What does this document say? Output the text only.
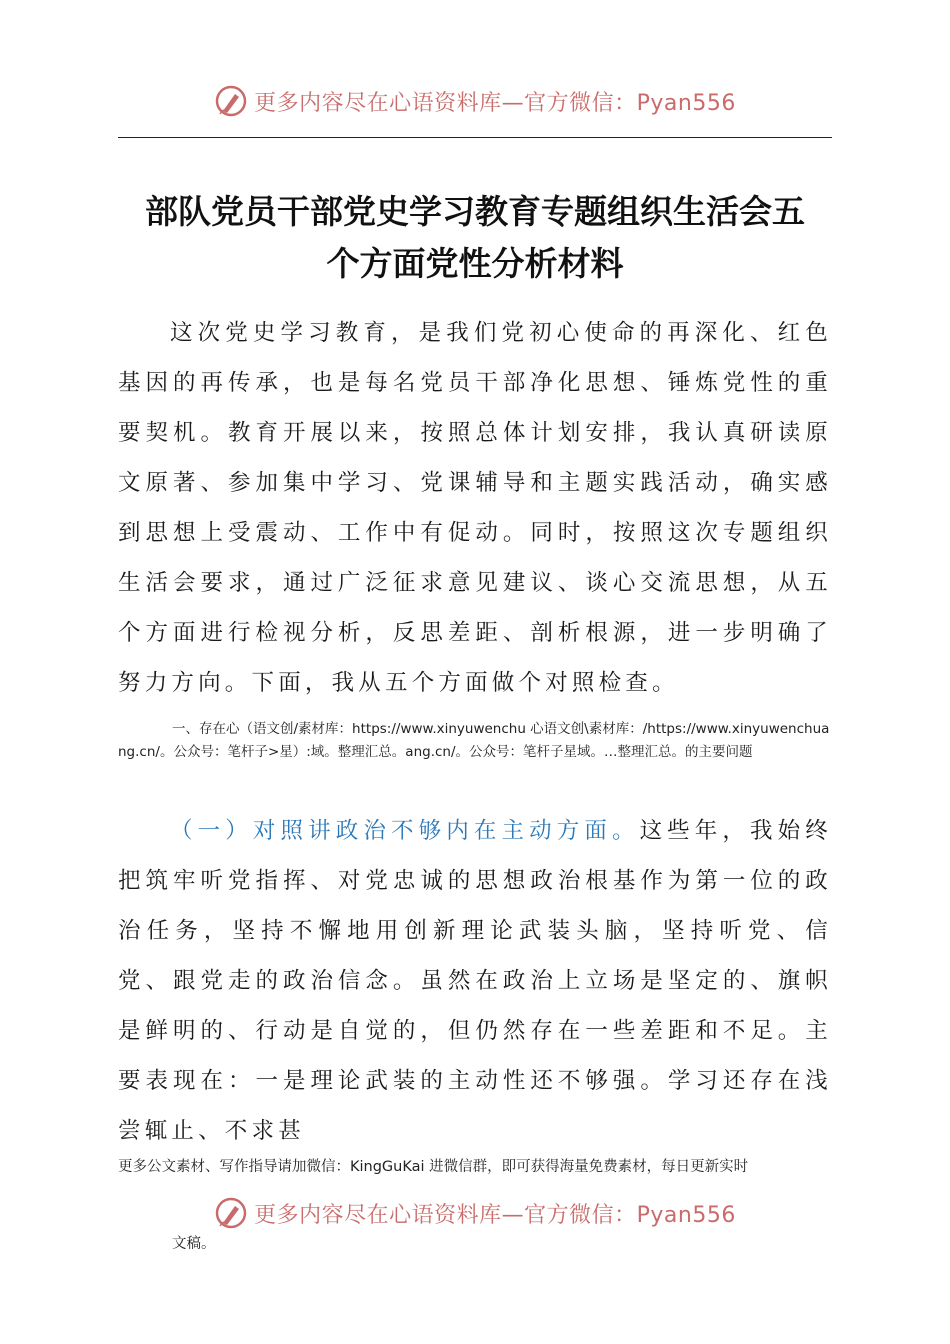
更多内容尽在心语资料库—官方微信：Pyan556
部队党员干部党史学习教育专题组织生活会五
个方面党性分析材料

这次党史学习教育，是我们党初心使命的再深化、红色基因的再传承，也是每名党员干部净化思想、锤炼党性的重要契机。教育开展以来，按照总体计划安排，我认真研读原文原著、参加集中学习、党课辅导和主题实践活动，确实感到思想上受震动、工作中有促动。同时，按照这次专题组织生活会要求，通过广泛征求意见建议、谈心交流思想，从五个方面进行检视分析，反思差距、剖析根源，进一步明确了努力方向。下面，我从五个方面做个对照检查。

一、存在心（语文创/素材库：https://www.xinyuwenchu 心语文创\素材库：/https://www.xinyuwenchuang.cn/。公众号：笔杆子>星）:域。整理汇总。ang.cn/。公众号：笔杆子星域。…整理汇总。的主要问题

（一）对照讲政治不够内在主动方面。这些年，我始终把筑牢听党指挥、对党忠诚的思想政治根基作为第一位的政治任务，坚持不懈地用创新理论武装头脑，坚持听党、信党、跟党走的政治信念。虽然在政治上立场是坚定的、旗帜是鲜明的、行动是自觉的，但仍然存在一些差距和不足。主要表现在：一是理论武装的主动性还不够强。学习还存在浅尝辄止、不求甚

更多公文素材、写作指导请加微信：KingGuKai 进微信群，即可获得海量免费素材，每日更新实时

更多内容尽在心语资料库—官方微信：Pyan556

文稿。
